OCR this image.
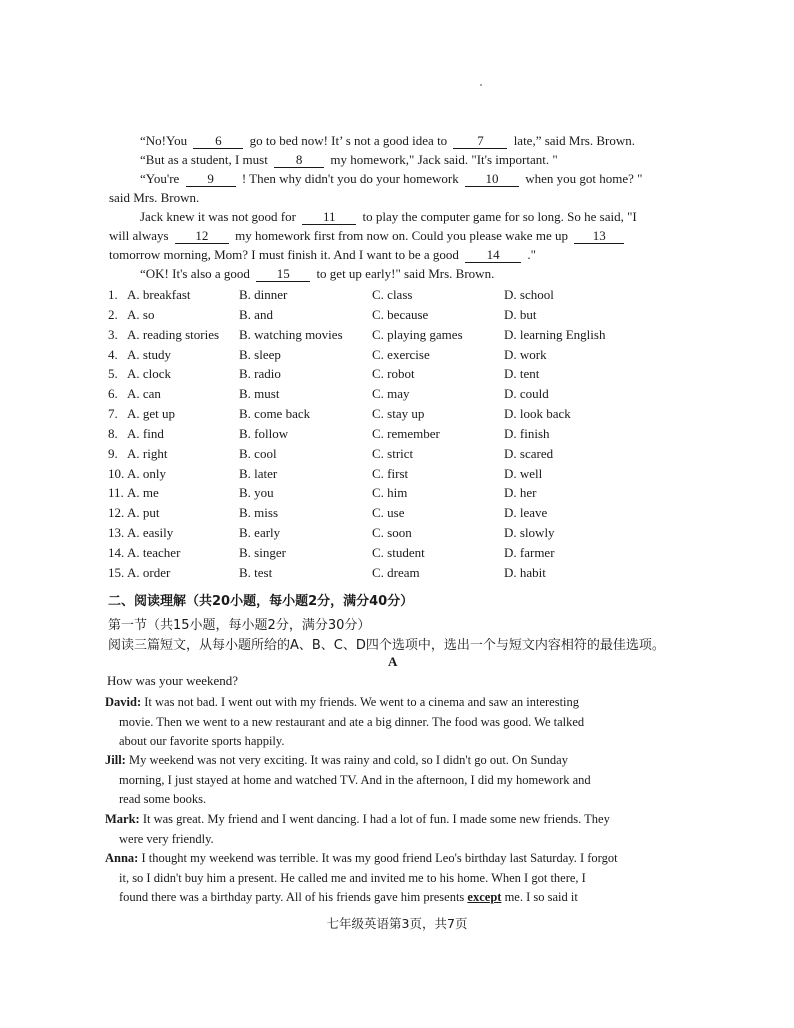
“No!You 6 go to bed now! It’ s not a good idea to 7 late,” said Mrs. Brown.
“But as a student, I must 8 my homework," Jack said. "It's important. "
“You're 9 ! Then why didn't you do your homework 10 when you got home? "
said Mrs. Brown.
Jack knew it was not good for 11 to play the computer game for so long. So he said, "I
will always 12 my homework first from now on. Could you please wake me up 13
tomorrow morning, Mom? I must finish it. And I want to be a good 14 ."
“OK! It's also a good 15 to get up early!" said Mrs. Brown.
1. A. breakfast	B. dinner	C. class	D. school
2. A. so	B. and	C. because	D. but
3. A. reading stories	B. watching movies	C. playing games	D. learning English
4. A. study	B. sleep	C. exercise	D. work
5. A. clock	B. radio	C. robot	D. tent
6. A. can	B. must	C. may	D. could
7. A. get up	B. come back	C. stay up	D. look back
8. A. find	B. follow	C. remember	D. finish
9. A. right	B. cool	C. strict	D. scared
10. A. only	B. later	C. first	D. well
11. A. me	B. you	C. him	D. her
12. A. put	B. miss	C. use	D. leave
13. A. easily	B. early	C. soon	D. slowly
14. A. teacher	B. singer	C. student	D. farmer
15. A. order	B. test	C. dream	D. habit
二、阅读理解（共20小题，每小题2分，满分40分）
第一节（共15小题，每小题2分，满分30分）
阅读三篇短文，从每小题所给的A、B、C、D四个选项中，选出一个与短文内容相符的最佳选项。
A
How was your weekend?
David: It was not bad. I went out with my friends. We went to a cinema and saw an interesting
movie. Then we went to a new restaurant and ate a big dinner. The food was good. We talked
about our favorite sports happily.
Jill: My weekend was not very exciting. It was rainy and cold, so I didn't go out. On Sunday
morning, I just stayed at home and watched TV. And in the afternoon, I did my homework and
read some books.
Mark: It was great. My friend and I went dancing. I had a lot of fun. I made some new friends. They
were very friendly.
Anna: I thought my weekend was terrible. It was my good friend Leo's birthday last Saturday. I forgot
it, so I didn't buy him a present. He called me and invited me to his home. When I got there, I
found there was a birthday party. All of his friends gave him presents except me. I so said it
七年级英语第3页，共7页
